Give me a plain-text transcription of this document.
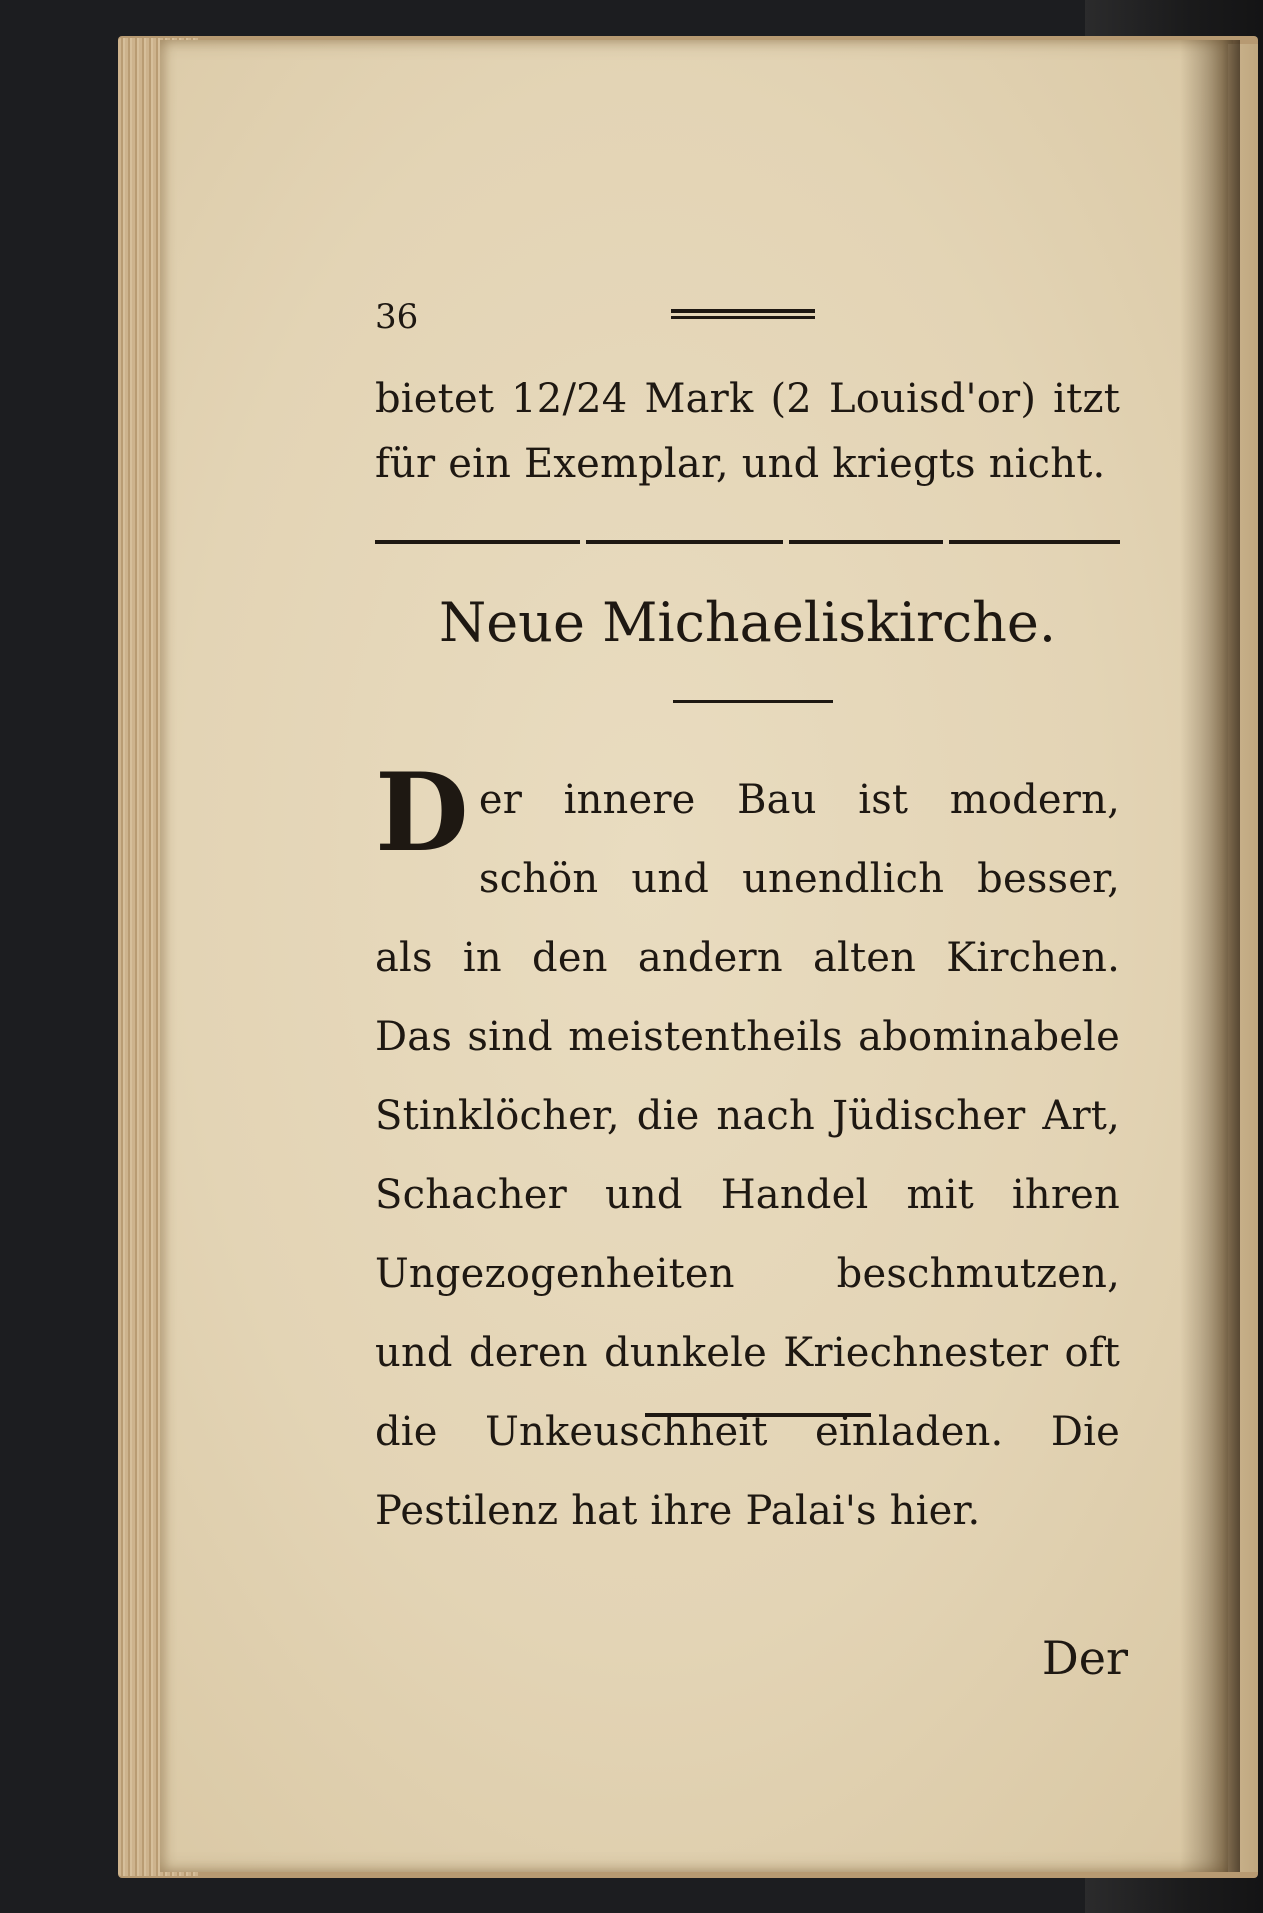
36
bietet 12/24 Mark (2 Louisd'or) itzt für ein Exemplar, und kriegts nicht.
Neue Michaeliskirche.
D er innere Bau ist modern, schön und unendlich besser, als in den andern alten Kirchen. Das sind meistentheils abominabele Stinklöcher, die nach Jüdischer Art, Schacher und Handel mit ihren Ungezogenheiten beschmutzen, und deren dunkele Kriechnester oft die Unkeuschheit einladen. Die Pestilenz hat ihre Palai's hier.
Der
